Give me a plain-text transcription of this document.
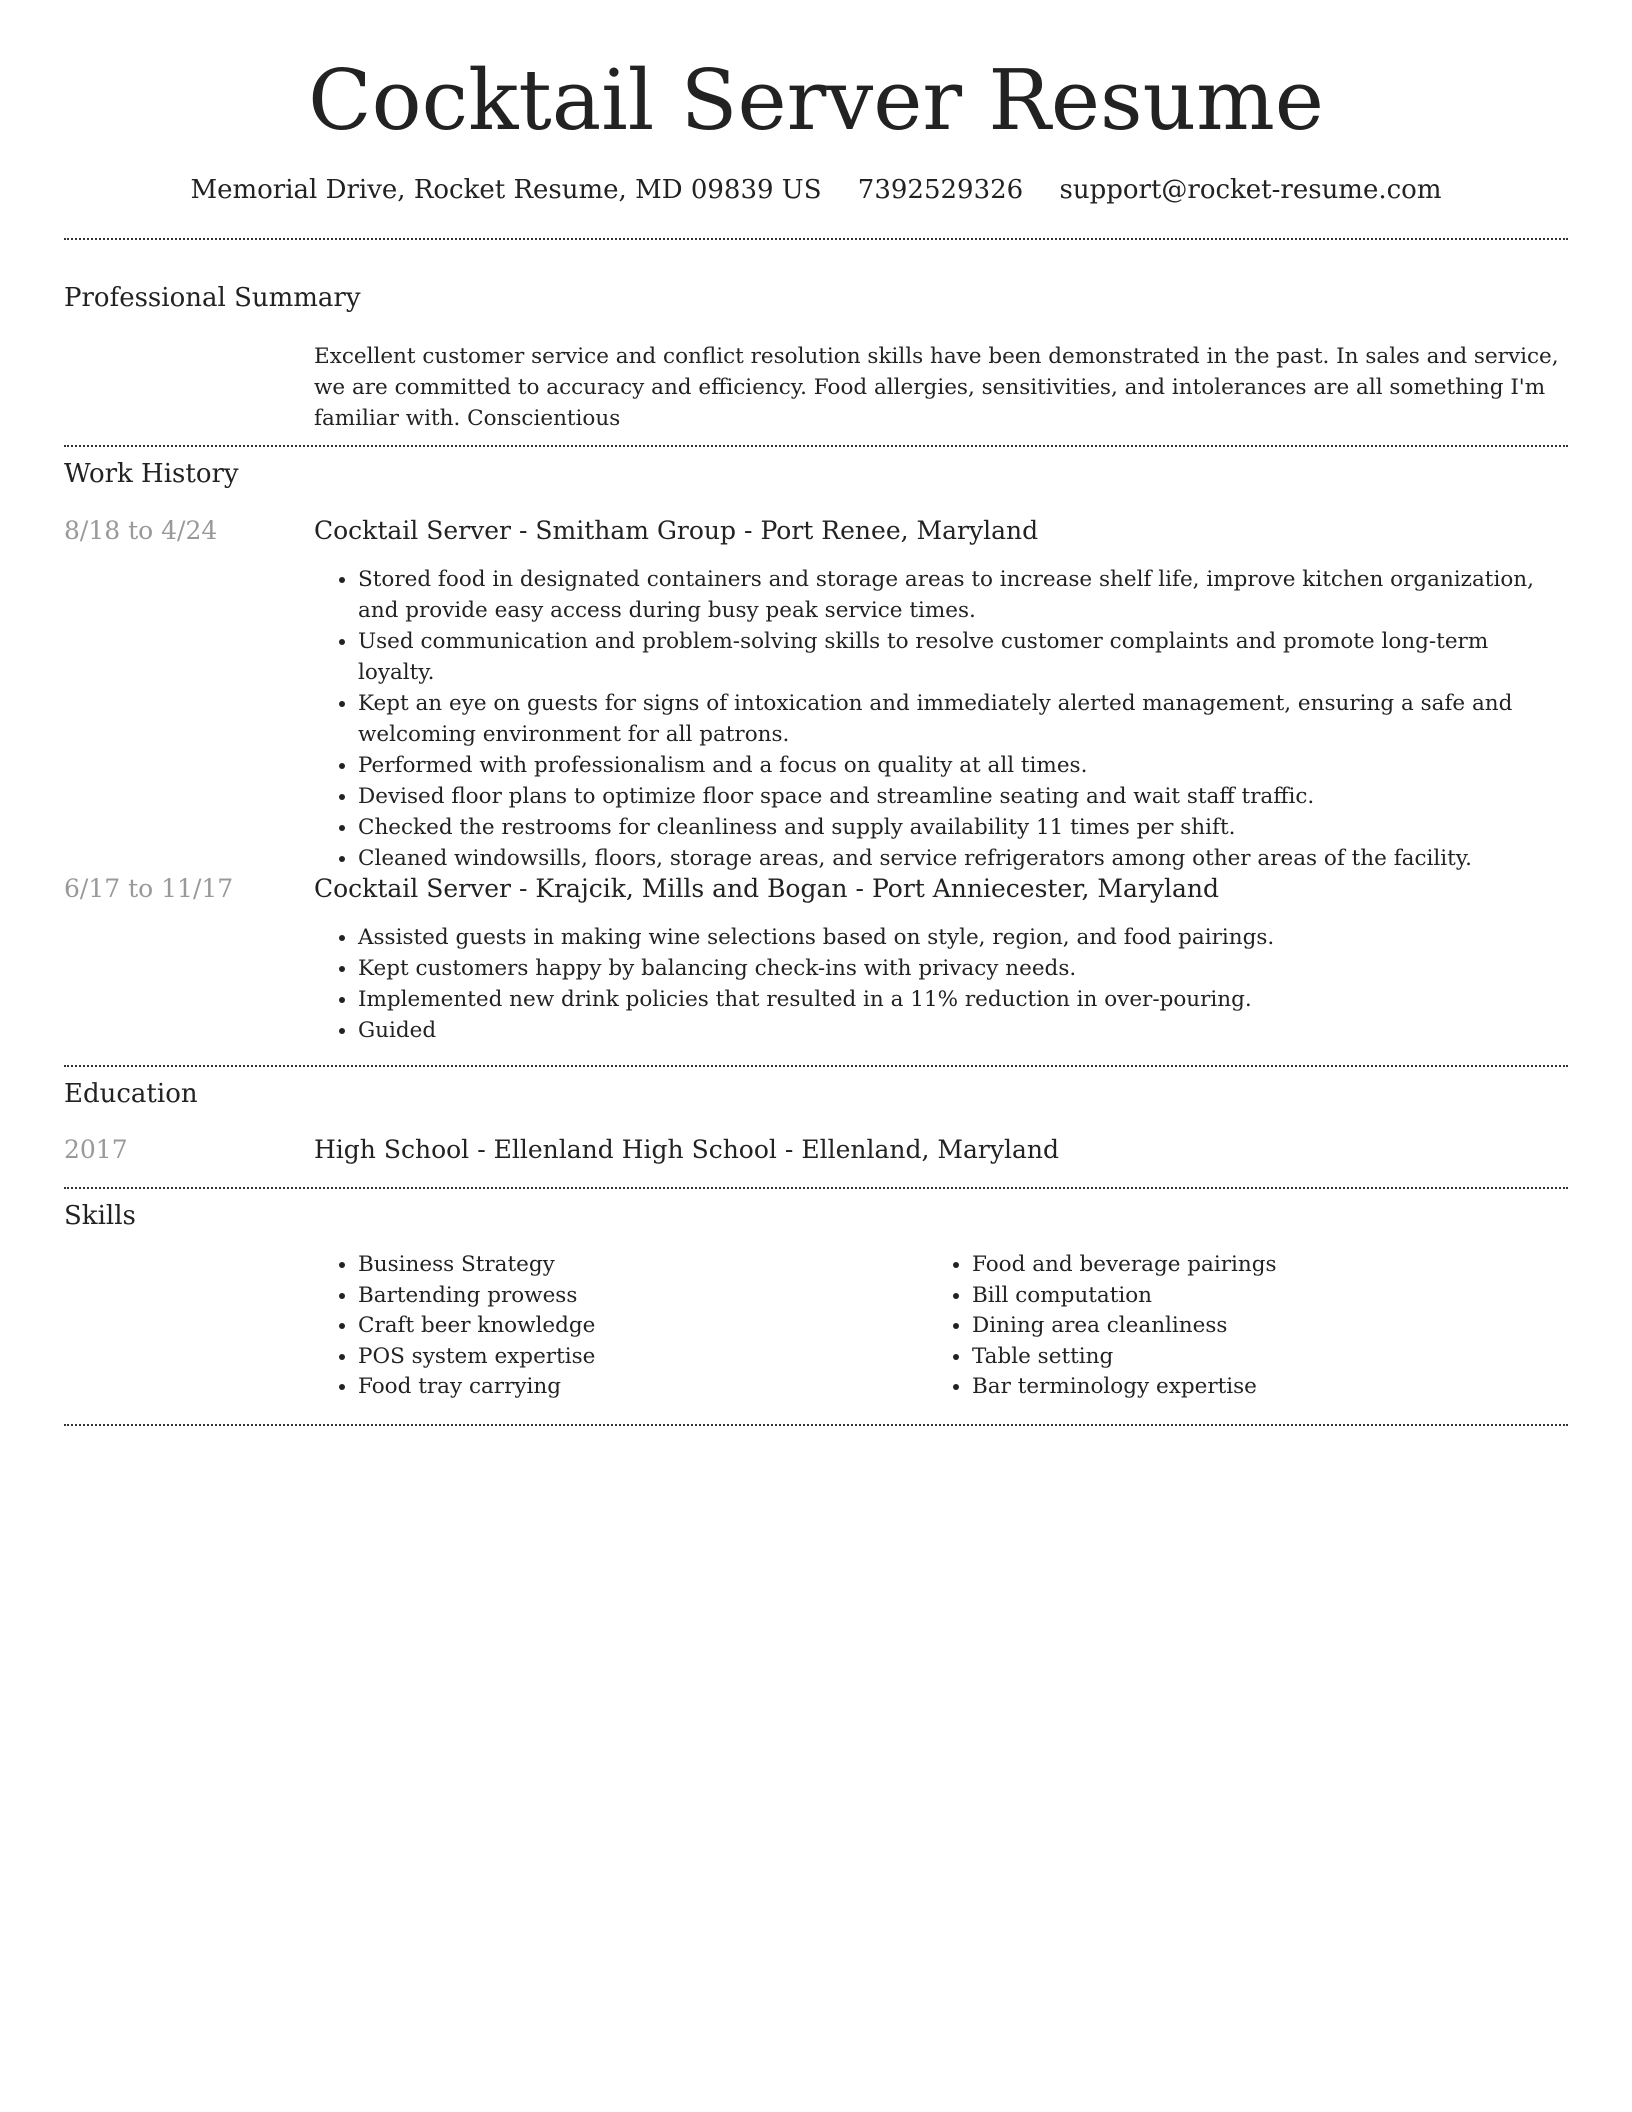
Cocktail Server Resume
Memorial Drive, Rocket Resume, MD 09839 US 7392529326 support@rocket-resume.com
Professional Summary

Excellent customer service and conflict resolution skills have been demonstrated in the past. In sales and service, we are committed to accuracy and efficiency. Food allergies, sensitivities, and intolerances are all something I'm familiar with. Conscientious

Work History
8/18 to 4/24	Cocktail Server - Smitham Group - Port Renee, Maryland
• Stored food in designated containers and storage areas to increase shelf life, improve kitchen organization, and provide easy access during busy peak service times.
• Used communication and problem-solving skills to resolve customer complaints and promote long-term loyalty.
• Kept an eye on guests for signs of intoxication and immediately alerted management, ensuring a safe and welcoming environment for all patrons.
• Performed with professionalism and a focus on quality at all times.
• Devised floor plans to optimize floor space and streamline seating and wait staff traffic.
• Checked the restrooms for cleanliness and supply availability 11 times per shift.
• Cleaned windowsills, floors, storage areas, and service refrigerators among other areas of the facility.
6/17 to 11/17	Cocktail Server - Krajcik, Mills and Bogan - Port Anniecester, Maryland
• Assisted guests in making wine selections based on style, region, and food pairings.
• Kept customers happy by balancing check-ins with privacy needs.
• Implemented new drink policies that resulted in a 11% reduction in over-pouring.
• Guided
Education
2017	High School - Ellenland High School - Ellenland, Maryland
Skills
• Business Strategy
• Bartending prowess
• Craft beer knowledge
• POS system expertise
• Food tray carrying
• Food and beverage pairings
• Bill computation
• Dining area cleanliness
• Table setting
• Bar terminology expertise
